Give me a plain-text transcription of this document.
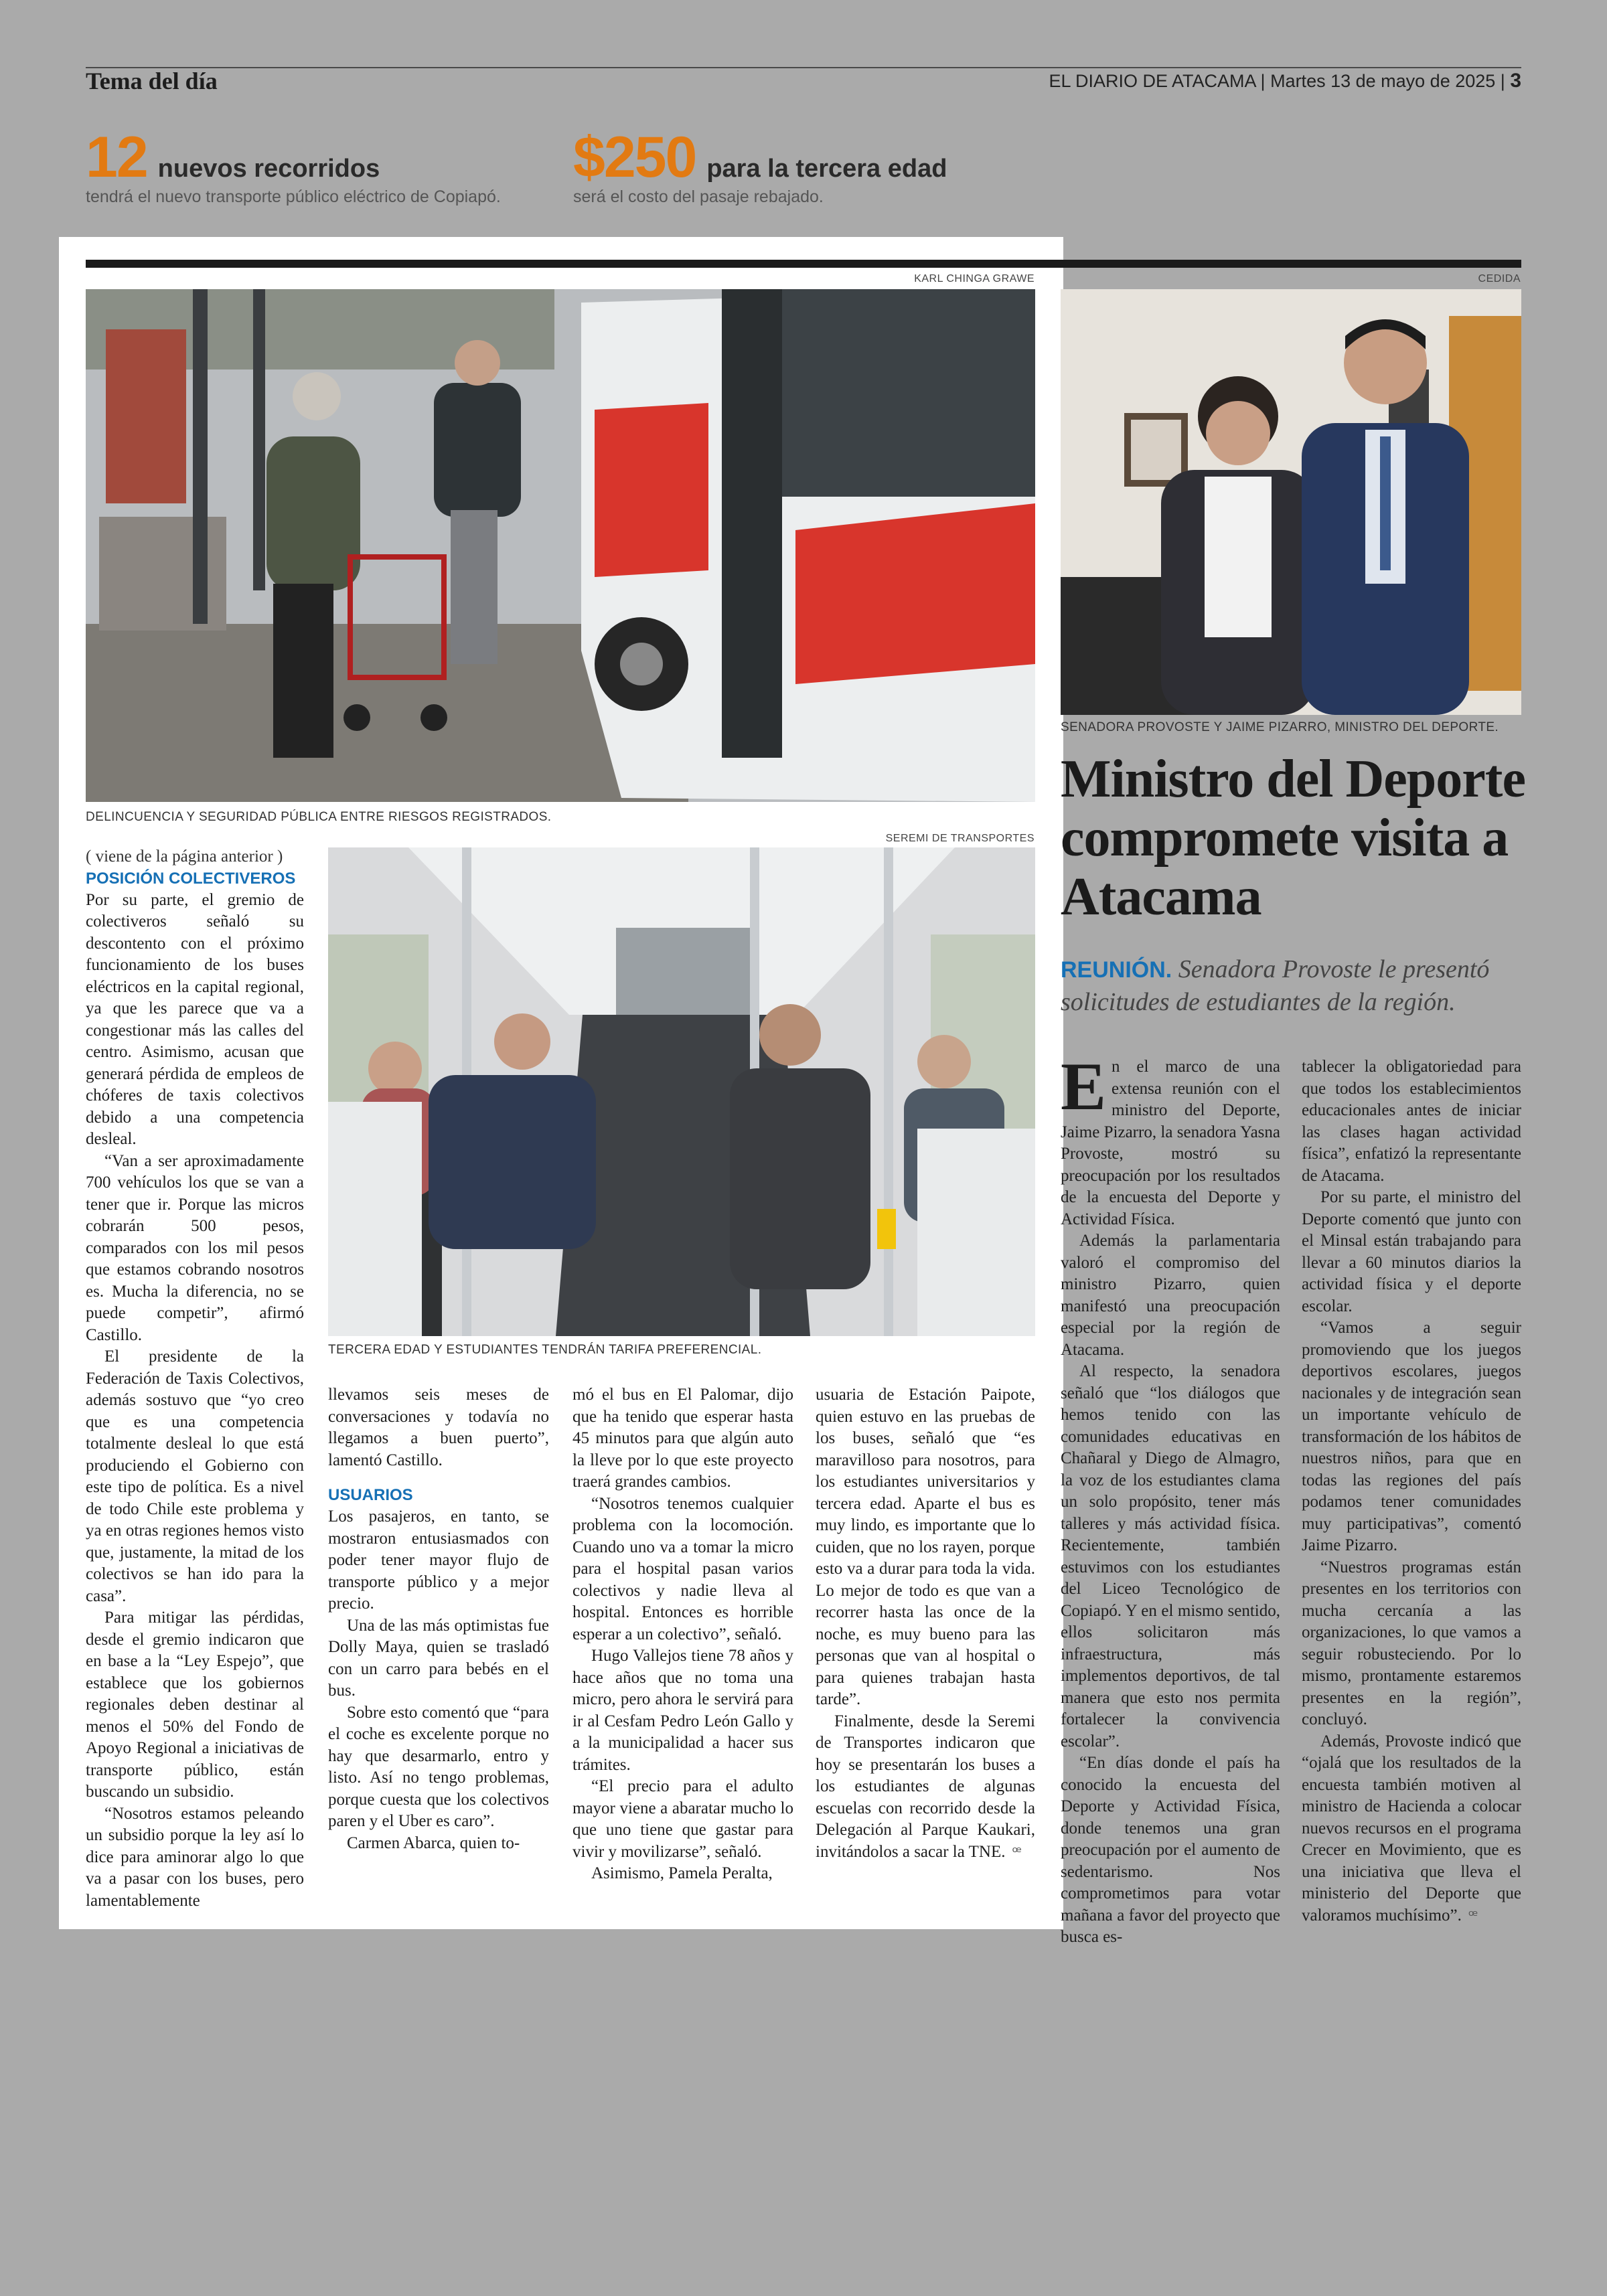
Tema del día	EL DIARIO DE ATACAMA | Martes 13 de mayo de 2025 | 3
12 nuevos recorridos
tendrá el nuevo transporte público eléctrico de Copiapó.
$250 para la tercera edad
será el costo del pasaje rebajado.
KARL CHINGA GRAWE
DELINCUENCIA Y SEGURIDAD PÚBLICA ENTRE RIESGOS REGISTRADOS.
CEDIDA
SENADORA PROVOSTE Y JAIME PIZARRO, MINISTRO DEL DEPORTE.
SEREMI DE TRANSPORTES
TERCERA EDAD Y ESTUDIANTES TENDRÁN TARIFA PREFERENCIAL.

( viene de la página anterior )

POSICIÓN COLECTIVEROS

Por su parte, el gremio de colectiveros señaló su descontento con el próximo funcionamiento de los buses eléctricos en la capital regional, ya que les parece que va a congestionar más las calles del centro. Asimismo, acusan que generará pérdida de empleos de chóferes de taxis colectivos debido a una competencia desleal.

“Van a ser aproximadamente 700 vehículos los que se van a tener que ir. Porque las micros cobrarán 500 pesos, comparados con los mil pesos que estamos cobrando nosotros es. Mucha la diferencia, no se puede competir”, afirmó Castillo.

El presidente de la Federación de Taxis Colectivos, además sostuvo que “yo creo que es una competencia totalmente desleal lo que está produciendo el Gobierno con este tipo de política. Es a nivel de todo Chile este problema y ya en otras regiones hemos visto que, justamente, la mitad de los colectivos se han ido para la casa”.

Para mitigar las pérdidas, desde el gremio indicaron que en base a la “Ley Espejo”, que establece que los gobiernos regionales deben destinar al menos el 50% del Fondo de Apoyo Regional a iniciativas de transporte público, están buscando un subsidio.

“Nosotros estamos peleando un subsidio porque la ley así lo dice para aminorar algo lo que va a pasar con los buses, pero lamentablemente

llevamos seis meses de conversaciones y todavía no llegamos a buen puerto”, lamentó Castillo.

USUARIOS

Los pasajeros, en tanto, se mostraron entusiasmados con poder tener mayor flujo de transporte público y a mejor precio.

Una de las más optimistas fue Dolly Maya, quien se trasladó con un carro para bebés en el bus.

Sobre esto comentó que “para el coche es excelente porque no hay que desarmarlo, entro y listo. Así no tengo problemas, porque cuesta que los colectivos paren y el Uber es caro”.

Carmen Abarca, quien to-

mó el bus en El Palomar, dijo que ha tenido que esperar hasta 45 minutos para que algún auto la lleve por lo que este proyecto traerá grandes cambios.

“Nosotros tenemos cualquier problema con la locomoción. Cuando uno va a tomar la micro para el hospital pasan varios colectivos y nadie lleva al hospital. Entonces es horrible esperar a un colectivo”, señaló.

Hugo Vallejos tiene 78 años y hace años que no toma una micro, pero ahora le servirá para ir al Cesfam Pedro León Gallo y a la municipalidad a hacer sus trámites.

“El precio para el adulto mayor viene a abaratar mucho lo que uno tiene que gastar para vivir y movilizarse”, señaló.

Asimismo, Pamela Peralta,

usuaria de Estación Paipote, quien estuvo en las pruebas de los buses, señaló que “es maravilloso para nosotros, para los estudiantes universitarios y tercera edad. Aparte el bus es muy lindo, es importante que lo cuiden, que no los rayen, porque esto va a durar para toda la vida. Lo mejor de todo es que van a recorrer hasta las once de la noche, es muy bueno para las personas que van al hospital o para quienes trabajan hasta tarde”.

Finalmente, desde la Seremi de Transportes indicaron que hoy se presentarán los buses a los estudiantes de algunas escuelas con recorrido desde la Delegación al Parque Kaukari, invitándolos a sacar la TNE. ꟹ

Ministro del Deporte compromete visita a Atacama
REUNIÓN. Senadora Provoste le presentó solicitudes de estudiantes de la región.

En el marco de una extensa reunión con el ministro del Deporte, Jaime Pizarro, la senadora Yasna Provoste, mostró su preocupación por los resultados de la encuesta del Deporte y Actividad Física.

Además la parlamentaria valoró el compromiso del ministro Pizarro, quien manifestó una preocupación especial por la región de Atacama.

Al respecto, la senadora señaló que “los diálogos que hemos tenido con las comunidades educativas en Chañaral y Diego de Almagro, la voz de los estudiantes clama un solo propósito, tener más talleres y más actividad física. Recientemente, también estuvimos con los estudiantes del Liceo Tecnológico de Copiapó. Y en el mismo sentido, ellos solicitaron más infraestructura, más implementos deportivos, de tal manera que esto nos permita fortalecer la convivencia escolar”.

“En días donde el país ha conocido la encuesta del Deporte y Actividad Física, donde tenemos una gran preocupación por el aumento de sedentarismo. Nos comprometimos para votar mañana a favor del proyecto que busca es-

tablecer la obligatoriedad para que todos los establecimientos educacionales antes de iniciar las clases hagan actividad física”, enfatizó la representante de Atacama.

Por su parte, el ministro del Deporte comentó que junto con el Minsal están trabajando para llevar a 60 minutos diarios la actividad física y el deporte escolar.

“Vamos a seguir promoviendo que los juegos deportivos escolares, juegos nacionales y de integración sean un importante vehículo de transformación de los hábitos de nuestros niños, para que en todas las regiones del país podamos tener comunidades muy participativas”, comentó Jaime Pizarro.

“Nuestros programas están presentes en los territorios con mucha cercanía a las organizaciones, lo que vamos a seguir robusteciendo. Por lo mismo, prontamente estaremos presentes en la región”, concluyó.

Además, Provoste indicó que “ojalá que los resultados de la encuesta también motiven al ministro de Hacienda a colocar nuevos recursos en el programa Crecer en Movimiento, que es una iniciativa que lleva el ministerio del Deporte que valoramos muchísimo”. ꟹ
